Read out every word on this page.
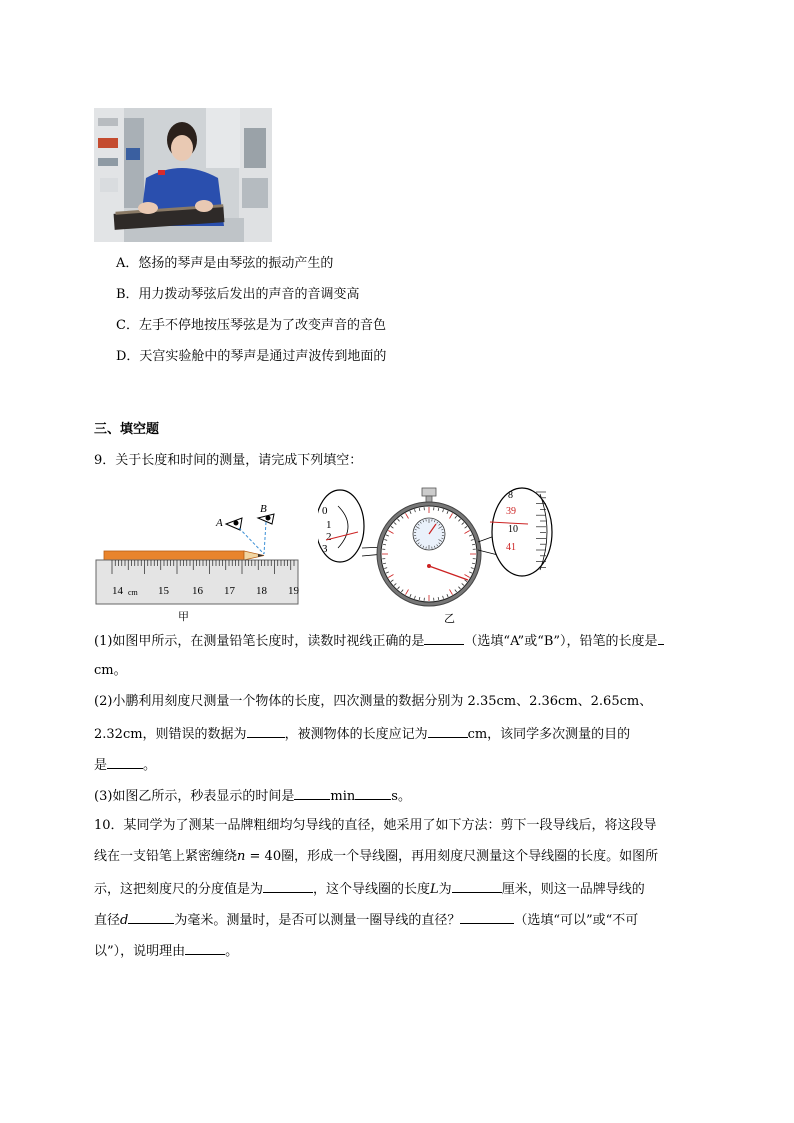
A．悠扬的琴声是由琴弦的振动产生的
B．用力拨动琴弦后发出的声音的音调变高
C．左手不停地按压琴弦是为了改变声音的音色
D．天宫实验舱中的琴声是通过声波传到地面的
三、填空题
9．关于长度和时间的测量，请完成下列填空：
A
B
14 cm 15 16 17 18 19
甲
0
1
2
3
8
39
10
41
乙
(1)如图甲所示，在测量铅笔长度时，读数时视线正确的是	（选填“A”或“B”），铅笔的长度是
cm。
(2)小鹏利用刻度尺测量一个物体的长度，四次测量的数据分别为 2.35cm、2.36cm、2.65cm、
2.32cm，则错误的数据为	，被测物体的长度应记为	cm，该同学多次测量的目的
是	。
(3)如图乙所示，秒表显示的时间是	min	s。
10．某同学为了测某一品牌粗细均匀导线的直径，她采用了如下方法：剪下一段导线后，将这段导
线在一支铅笔上紧密缠绕n = 40圈，形成一个导线圈，再用刻度尺测量这个导线圈的长度。如图所
示，这把刻度尺的分度值是为	，这个导线圈的长度L为	厘米，则这一品牌导线的
直径d	为毫米。测量时，是否可以测量一圈导线的直径？	（选填“可以”或“不可
以”），说明理由	。
